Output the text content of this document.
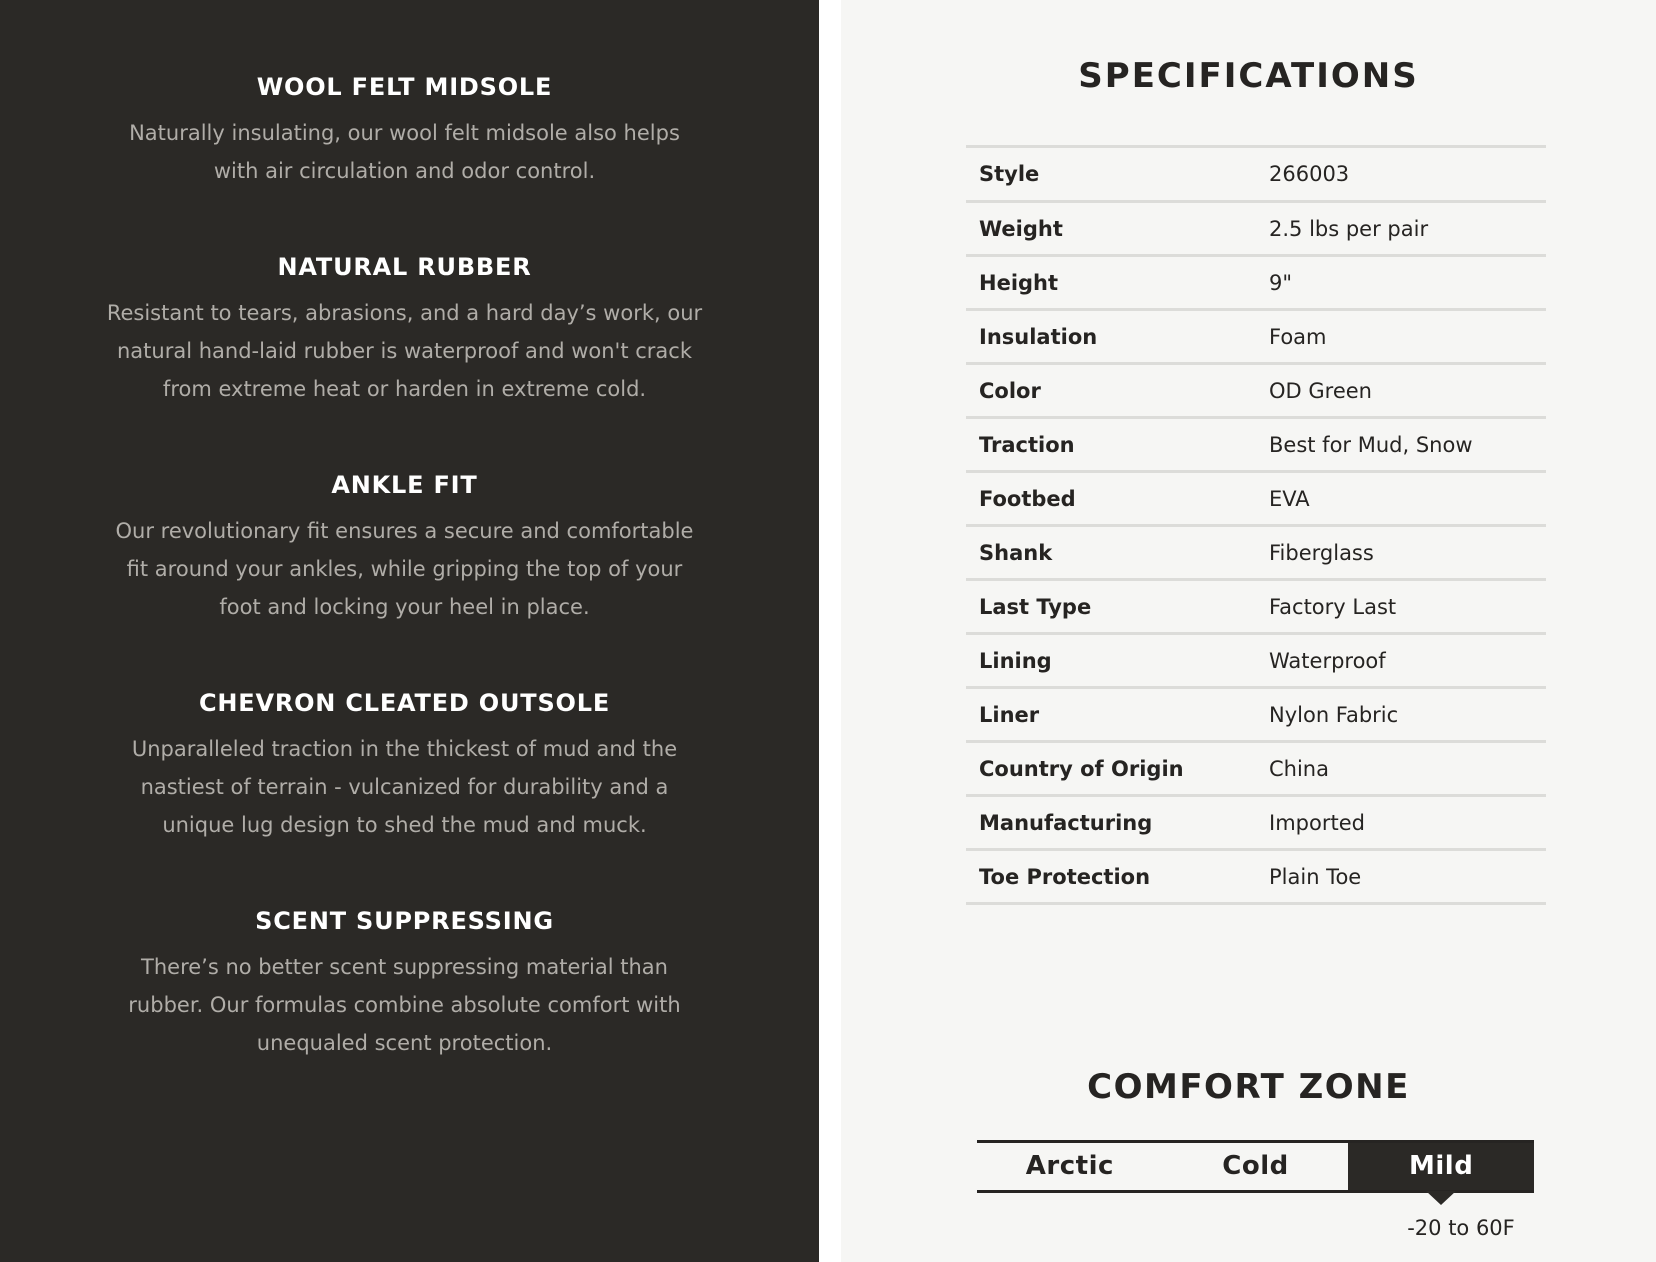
WOOL FELT MIDSOLE

Naturally insulating, our wool felt midsole also helps with air circulation and odor control.

NATURAL RUBBER

Resistant to tears, abrasions, and a hard day’s work, our natural hand-laid rubber is waterproof and won't crack from extreme heat or harden in extreme cold.

ANKLE FIT

Our revolutionary fit ensures a secure and comfortable fit around your ankles, while gripping the top of your foot and locking your heel in place.

CHEVRON CLEATED OUTSOLE

Unparalleled traction in the thickest of mud and the nastiest of terrain - vulcanized for durability and a unique lug design to shed the mud and muck.

SCENT SUPPRESSING

There’s no better scent suppressing material than rubber. Our formulas combine absolute comfort with unequaled scent protection.

SPECIFICATIONS
Style	266003
Weight	2.5 lbs per pair
Height	9"
Insulation	Foam
Color	OD Green
Traction	Best for Mud, Snow
Footbed	EVA
Shank	Fiberglass
Last Type	Factory Last
Lining	Waterproof
Liner	Nylon Fabric
Country of Origin	China
Manufacturing	Imported
Toe Protection	Plain Toe
COMFORT ZONE
Arctic	Cold	Mild
-20 to 60F
